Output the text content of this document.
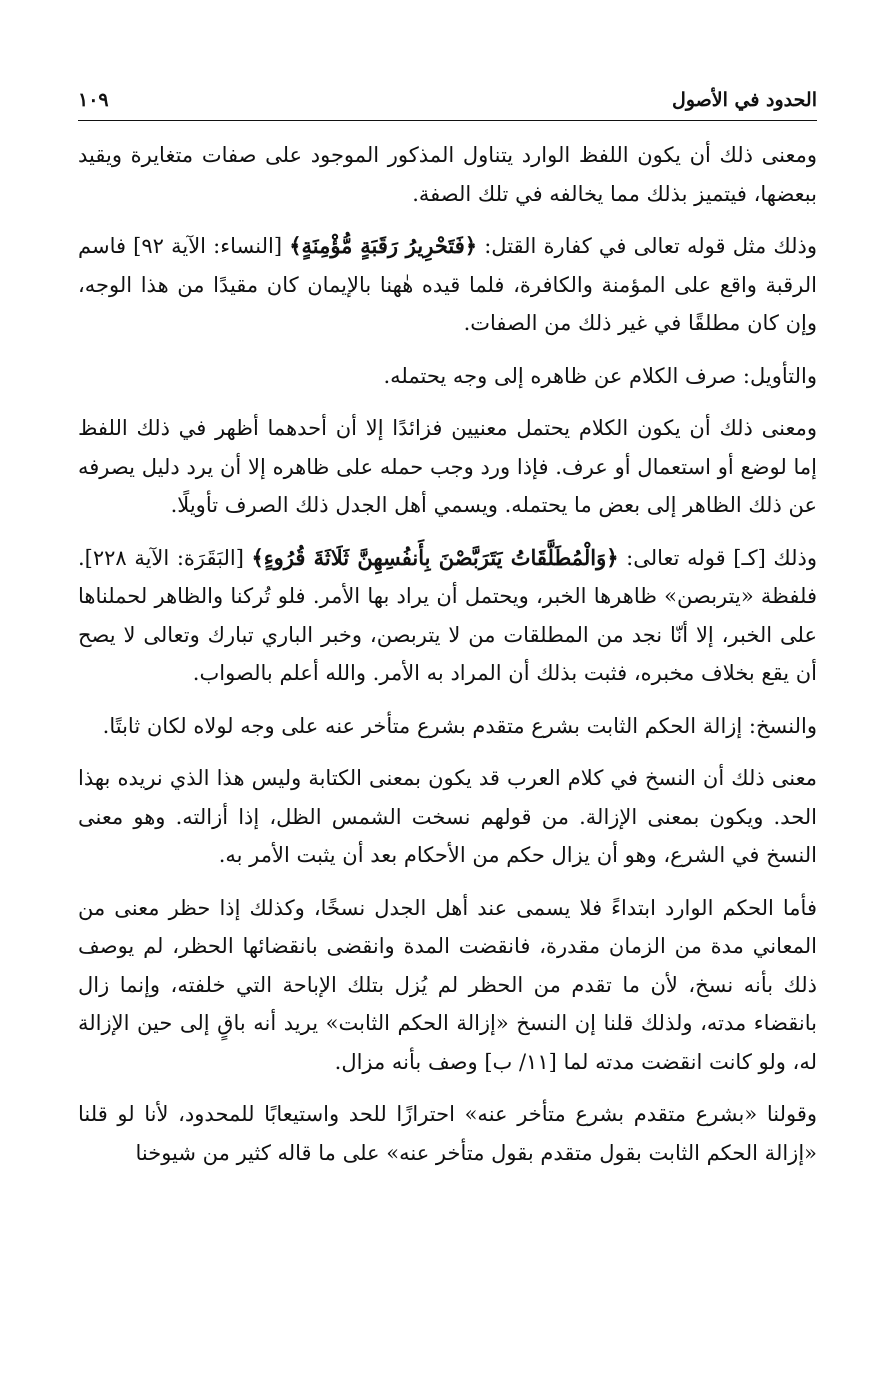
الحدود في الأصول
١٠٩

ومعنى ذلك أن يكون اللفظ الوارد يتناول المذكور الموجود على صفات متغايرة ويقيد ببعضها، فيتميز بذلك مما يخالفه في تلك الصفة.

وذلك مثل قوله تعالى في كفارة القتل: ﴿فَتَحْرِيرُ رَقَبَةٍ مُّؤْمِنَةٍ﴾ [النساء: الآية ٩٢] فاسم الرقبة واقع على المؤمنة والكافرة، فلما قيده هٰهنا بالإيمان كان مقيدًا من هذا الوجه، وإن كان مطلقًا في غير ذلك من الصفات.

والتأويل: صرف الكلام عن ظاهره إلى وجه يحتمله.

ومعنى ذلك أن يكون الكلام يحتمل معنيين فزائدًا إلا أن أحدهما أظهر في ذلك اللفظ إما لوضع أو استعمال أو عرف. فإذا ورد وجب حمله على ظاهره إلا أن يرد دليل يصرفه عن ذلك الظاهر إلى بعض ما يحتمله. ويسمي أهل الجدل ذلك الصرف تأويلًا.

وذلك [كـ] قوله تعالى: ﴿وَالْمُطَلَّقَاتُ يَتَرَبَّصْنَ بِأَنفُسِهِنَّ ثَلَاثَةَ قُرُوءٍ﴾ [البَقَرَة: الآية ٢٢٨]. فلفظة «يتربصن» ظاهرها الخبر، ويحتمل أن يراد بها الأمر. فلو تُركنا والظاهر لحملناها على الخبر، إلا أنّا نجد من المطلقات من لا يتربصن، وخبر الباري تبارك وتعالى لا يصح أن يقع بخلاف مخبره، فثبت بذلك أن المراد به الأمر. والله أعلم بالصواب.

والنسخ: إزالة الحكم الثابت بشرع متقدم بشرع متأخر عنه على وجه لولاه لكان ثابتًا.

معنى ذلك أن النسخ في كلام العرب قد يكون بمعنى الكتابة وليس هذا الذي نريده بهذا الحد. ويكون بمعنى الإزالة. من قولهم نسخت الشمس الظل، إذا أزالته. وهو معنى النسخ في الشرع، وهو أن يزال حكم من الأحكام بعد أن يثبت الأمر به.

فأما الحكم الوارد ابتداءً فلا يسمى عند أهل الجدل نسخًا، وكذلك إذا حظر معنى من المعاني مدة من الزمان مقدرة، فانقضت المدة وانقضى بانقضائها الحظر، لم يوصف ذلك بأنه نسخ، لأن ما تقدم من الحظر لم يُزل بتلك الإباحة التي خلفته، وإنما زال بانقضاء مدته، ولذلك قلنا إن النسخ «إزالة الحكم الثابت» يريد أنه باقٍ إلى حين الإزالة له، ولو كانت انقضت مدته لما [١١/ ب] وصف بأنه مزال.

وقولنا «بشرع متقدم بشرع متأخر عنه» احترازًا للحد واستيعابًا للمحدود، لأنا لو قلنا «إزالة الحكم الثابت بقول متقدم بقول متأخر عنه» على ما قاله كثير من شيوخنا
